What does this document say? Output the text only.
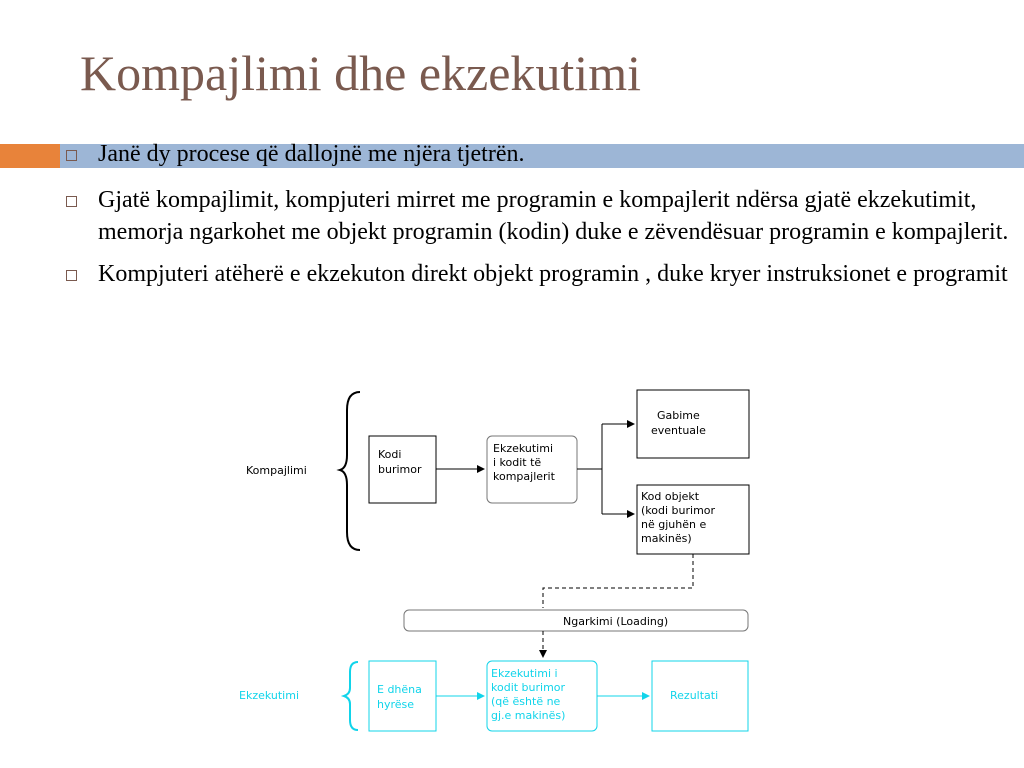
Kompajlimi dhe ekzekutimi
Janë dy procese që dallojnë me njëra tjetrën.
Gjatë kompajlimit, kompjuteri mirret me programin e kompajlerit ndërsa gjatë ekzekutimit, memorja ngarkohet me objekt programin (kodin) duke e zëvendësuar programin e kompajlerit.
Kompjuteri atëherë e ekzekuton direkt objekt programin , duke kryer instruksionet e programit
Kompajlimi
Kodi burimor
Ekzekutimi i kodit të kompajlerit
Gabime eventuale
Kod objekt (kodi burimor në gjuhën e makinës)
Ngarkimi (Loading)
Ekzekutimi	E dhëna hyrëse
Ekzekutimi i kodit burimor (që është ne gj.e makinës)
Rezultati
